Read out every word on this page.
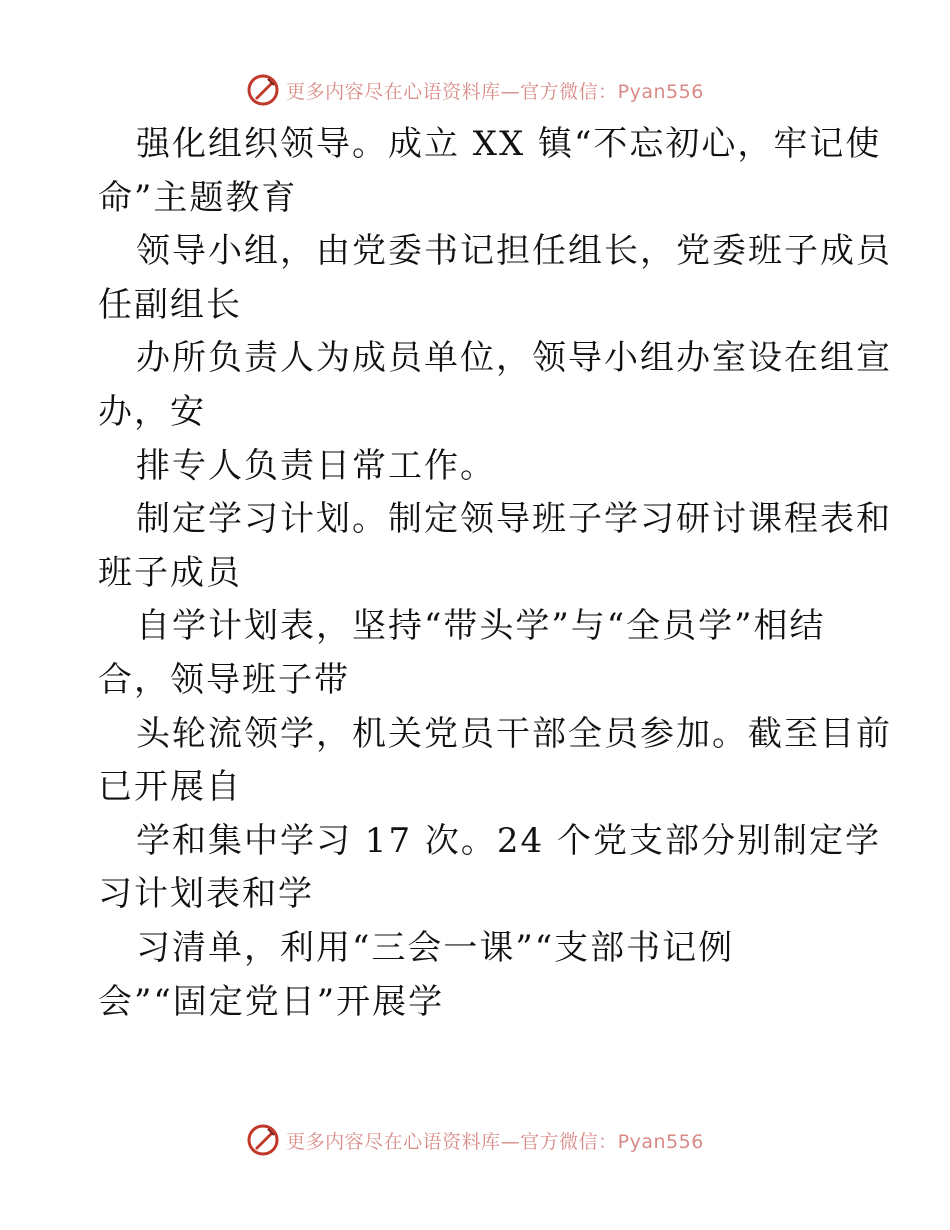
更多内容尽在心语资料库—官方微信：Pyan556
强化组织领导。成立 XX 镇“不忘初心，牢记使
命”主题教育
领导小组，由党委书记担任组长，党委班子成员
任副组长
办所负责人为成员单位，领导小组办室设在组宣
办，安
排专人负责日常工作。
制定学习计划。制定领导班子学习研讨课程表和
班子成员
自学计划表，坚持“带头学”与“全员学”相结
合，领导班子带
头轮流领学，机关党员干部全员参加。截至目前
已开展自
学和集中学习 17 次。24 个党支部分别制定学
习计划表和学
习清单，利用“三会一课”“支部书记例
会”“固定党日”开展学
更多内容尽在心语资料库—官方微信：Pyan556
